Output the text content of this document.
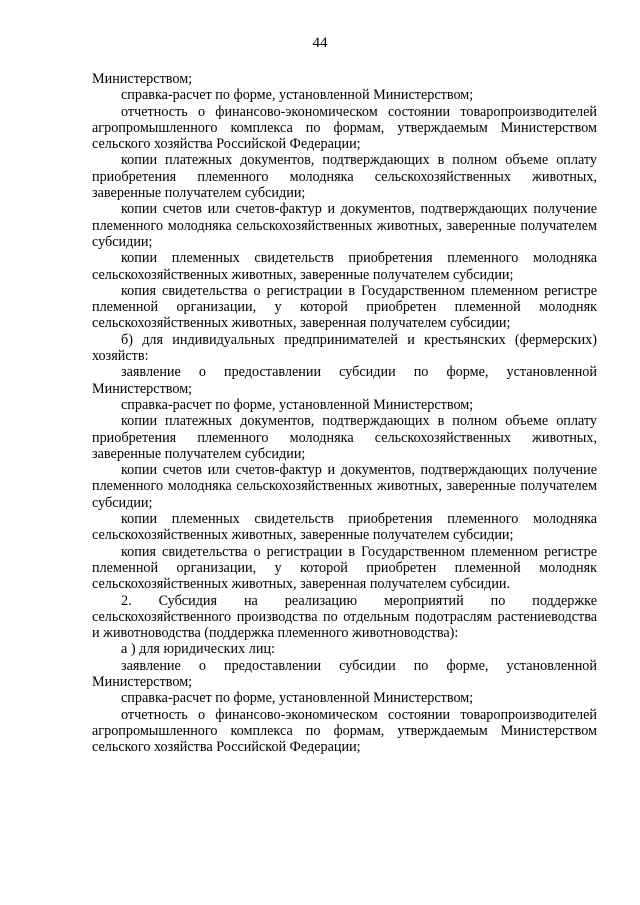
44

Министерством;

справка-расчет по форме, установленной Министерством;

отчетность о финансово-экономическом состоянии товаропроизводителей агропромышленного комплекса по формам, утверждаемым Министерством сельского хозяйства Российской Федерации;

копии платежных документов, подтверждающих в полном объеме оплату приобретения племенного молодняка сельскохозяйственных животных, заверенные получателем субсидии;

копии счетов или счетов-фактур и документов, подтверждающих получение племенного молодняка сельскохозяйственных животных, заверенные получателем субсидии;

копии племенных свидетельств приобретения племенного молодняка сельскохозяйственных животных, заверенные получателем субсидии;

копия свидетельства о регистрации в Государственном племенном регистре племенной организации, у которой приобретен племенной молодняк сельскохозяйственных животных, заверенная получателем субсидии;

б) для индивидуальных предпринимателей и крестьянских (фермерских) хозяйств:

заявление о предоставлении субсидии по форме, установленной Министерством;

справка-расчет по форме, установленной Министерством;

копии платежных документов, подтверждающих в полном объеме оплату приобретения племенного молодняка сельскохозяйственных животных, заверенные получателем субсидии;

копии счетов или счетов-фактур и документов, подтверждающих получение племенного молодняка сельскохозяйственных животных, заверенные получателем субсидии;

копии племенных свидетельств приобретения племенного молодняка сельскохозяйственных животных, заверенные получателем субсидии;

копия свидетельства о регистрации в Государственном племенном регистре племенной организации, у которой приобретен племенной молодняк сельскохозяйственных животных, заверенная получателем субсидии.

2. Субсидия на реализацию мероприятий по поддержке сельскохозяйственного производства по отдельным подотраслям растениеводства и животноводства (поддержка племенного животноводства):

а ) для юридических лиц:

заявление о предоставлении субсидии по форме, установленной Министерством;

справка-расчет по форме, установленной Министерством;

отчетность о финансово-экономическом состоянии товаропроизводителей агропромышленного комплекса по формам, утверждаемым Министерством сельского хозяйства Российской Федерации;
